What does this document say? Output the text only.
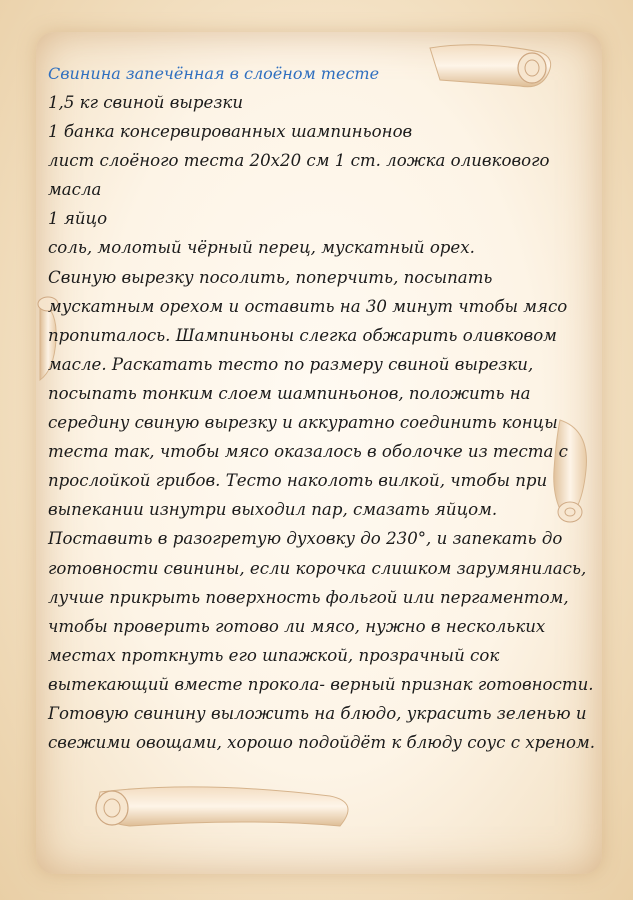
Свинина запечённая в слоёном тесте
1,5 кг свиной вырезки
1 банка консервированных шампиньонов
лист слоёного теста 20х20 см 1 ст. ложка оливкового
масла
1 яйцо
соль, молотый чёрный перец, мускатный орех.
Свиную вырезку посолить, поперчить, посыпать
мускатным орехом и оставить на 30 минут чтобы мясо
пропиталось. Шампиньоны слегка обжарить оливковом
масле. Раскатать тесто по размеру свиной вырезки,
посыпать тонким слоем шампиньонов, положить на
середину свиную вырезку и аккуратно соединить концы
теста так, чтобы мясо оказалось в оболочке из теста с
прослойкой грибов. Тесто наколоть вилкой, чтобы при
выпекании изнутри выходил пар, смазать яйцом.
Поставить в разогретую духовку до 230°, и запекать до
готовности свинины, если корочка слишком зарумянилась,
лучше прикрыть поверхность фольгой или пергаментом,
чтобы проверить готово ли мясо, нужно в нескольких
местах проткнуть его шпажкой, прозрачный сок
вытекающий вместе прокола- верный признак готовности.
Готовую свинину выложить на блюдо, украсить зеленью и
свежими овощами, хорошо подойдёт к блюду соус с хреном.
